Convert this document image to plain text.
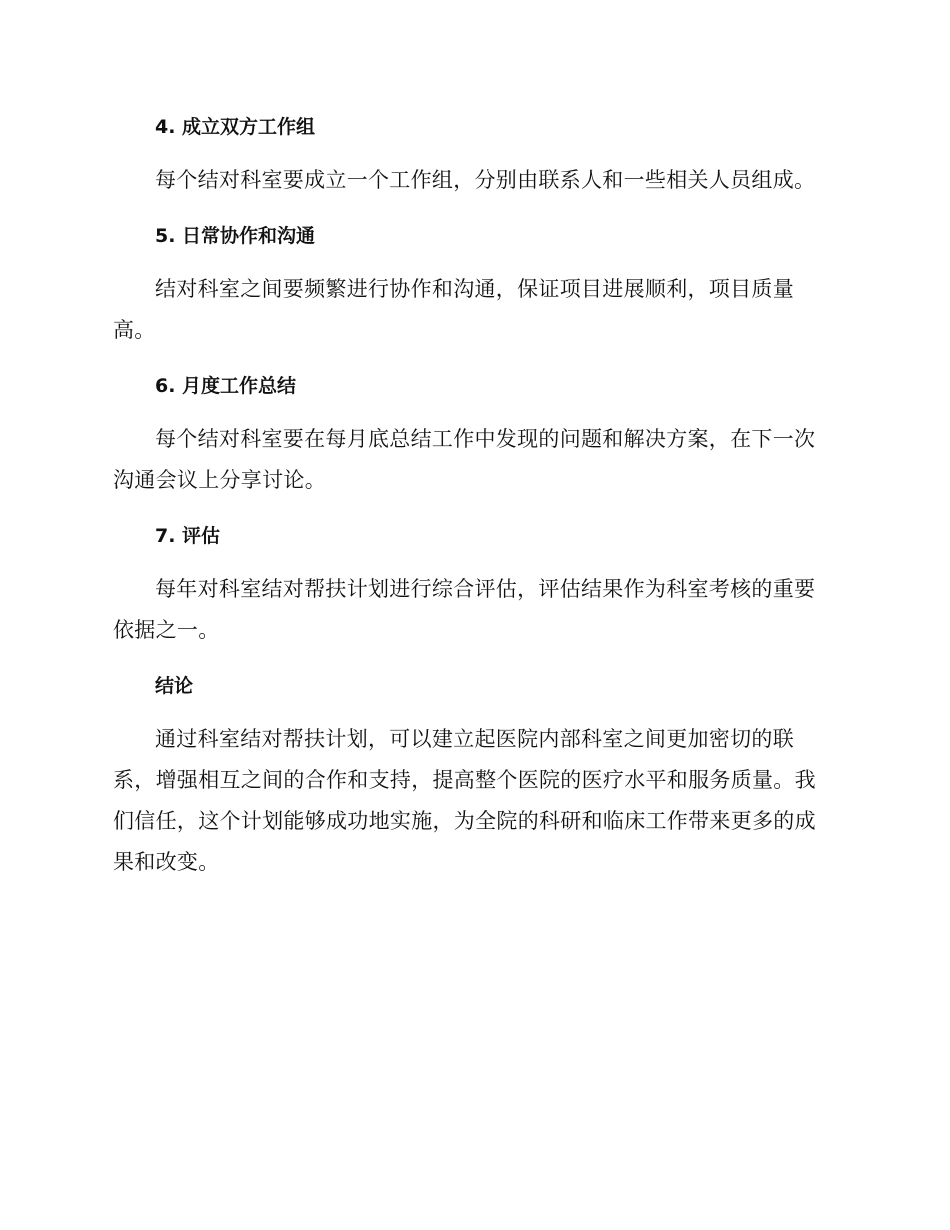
4. 成立双方工作组

每个结对科室要成立一个工作组，分别由联系人和一些相关人员组成。

5. 日常协作和沟通

结对科室之间要频繁进行协作和沟通，保证项目进展顺利，项目质量高。

6. 月度工作总结

每个结对科室要在每月底总结工作中发现的问题和解决方案，在下一次沟通会议上分享讨论。

7. 评估

每年对科室结对帮扶计划进行综合评估，评估结果作为科室考核的重要依据之一。

结论

通过科室结对帮扶计划，可以建立起医院内部科室之间更加密切的联系，增强相互之间的合作和支持，提高整个医院的医疗水平和服务质量。我们信任，这个计划能够成功地实施，为全院的科研和临床工作带来更多的成果和改变。
